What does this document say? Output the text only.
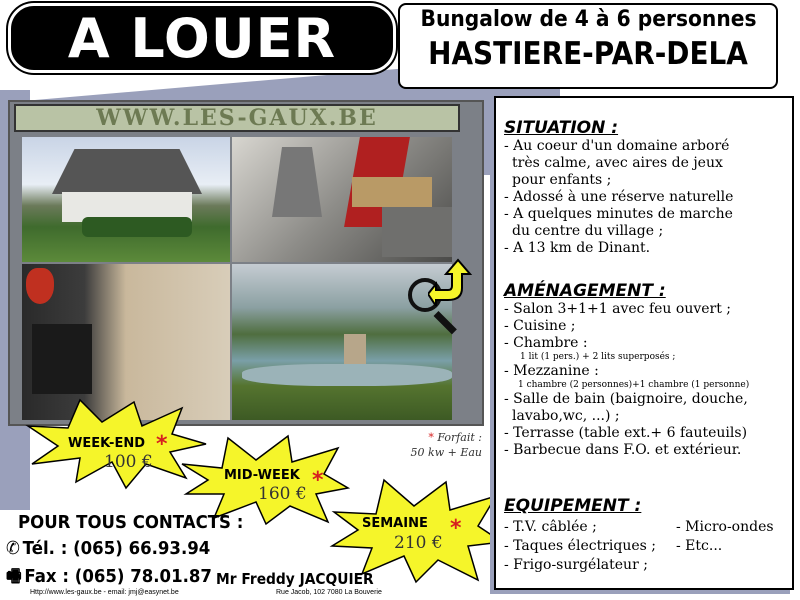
A LOUER	Bungalow de 4 à 6 personnes
HASTIERE-PAR-DELA
WWW.LES-GAUX.BE
* Forfait :
50 kw + Eau
WEEK-END
100 €
*
MID-WEEK
160 €
*
SEMAINE
210 €
*
SITUATION :
- Au coeur d'un domaine arboré
très calme, avec aires de jeux
pour enfants ;
- Adossé à une réserve naturelle
- A quelques minutes de marche
du centre du village ;
- A 13 km de Dinant.
AMÉNAGEMENT :
- Salon 3+1+1 avec feu ouvert ;
- Cuisine ;
- Chambre :
1 lit (1 pers.) + 2 lits superposés ;
- Mezzanine :
1 chambre (2 personnes)+1 chambre (1 personne)
- Salle de bain (baignoire, douche,
lavabo,wc, ...) ;
- Terrasse (table ext.+ 6 fauteuils)
- Barbecue dans F.O. et extérieur.
EQUIPEMENT :
- T.V. câblée ;
- Taques électriques ;
- Frigo-surgélateur ;
- Micro-ondes
- Etc...
POUR TOUS CONTACTS :
✆ Tél. : (065) 66.93.94
🖷 Fax : (065) 78.01.87 Mr Freddy JACQUIER
Http://www.les-gaux.be - email: jmj@easynet.be	Rue Jacob, 102 7080 La Bouverie
